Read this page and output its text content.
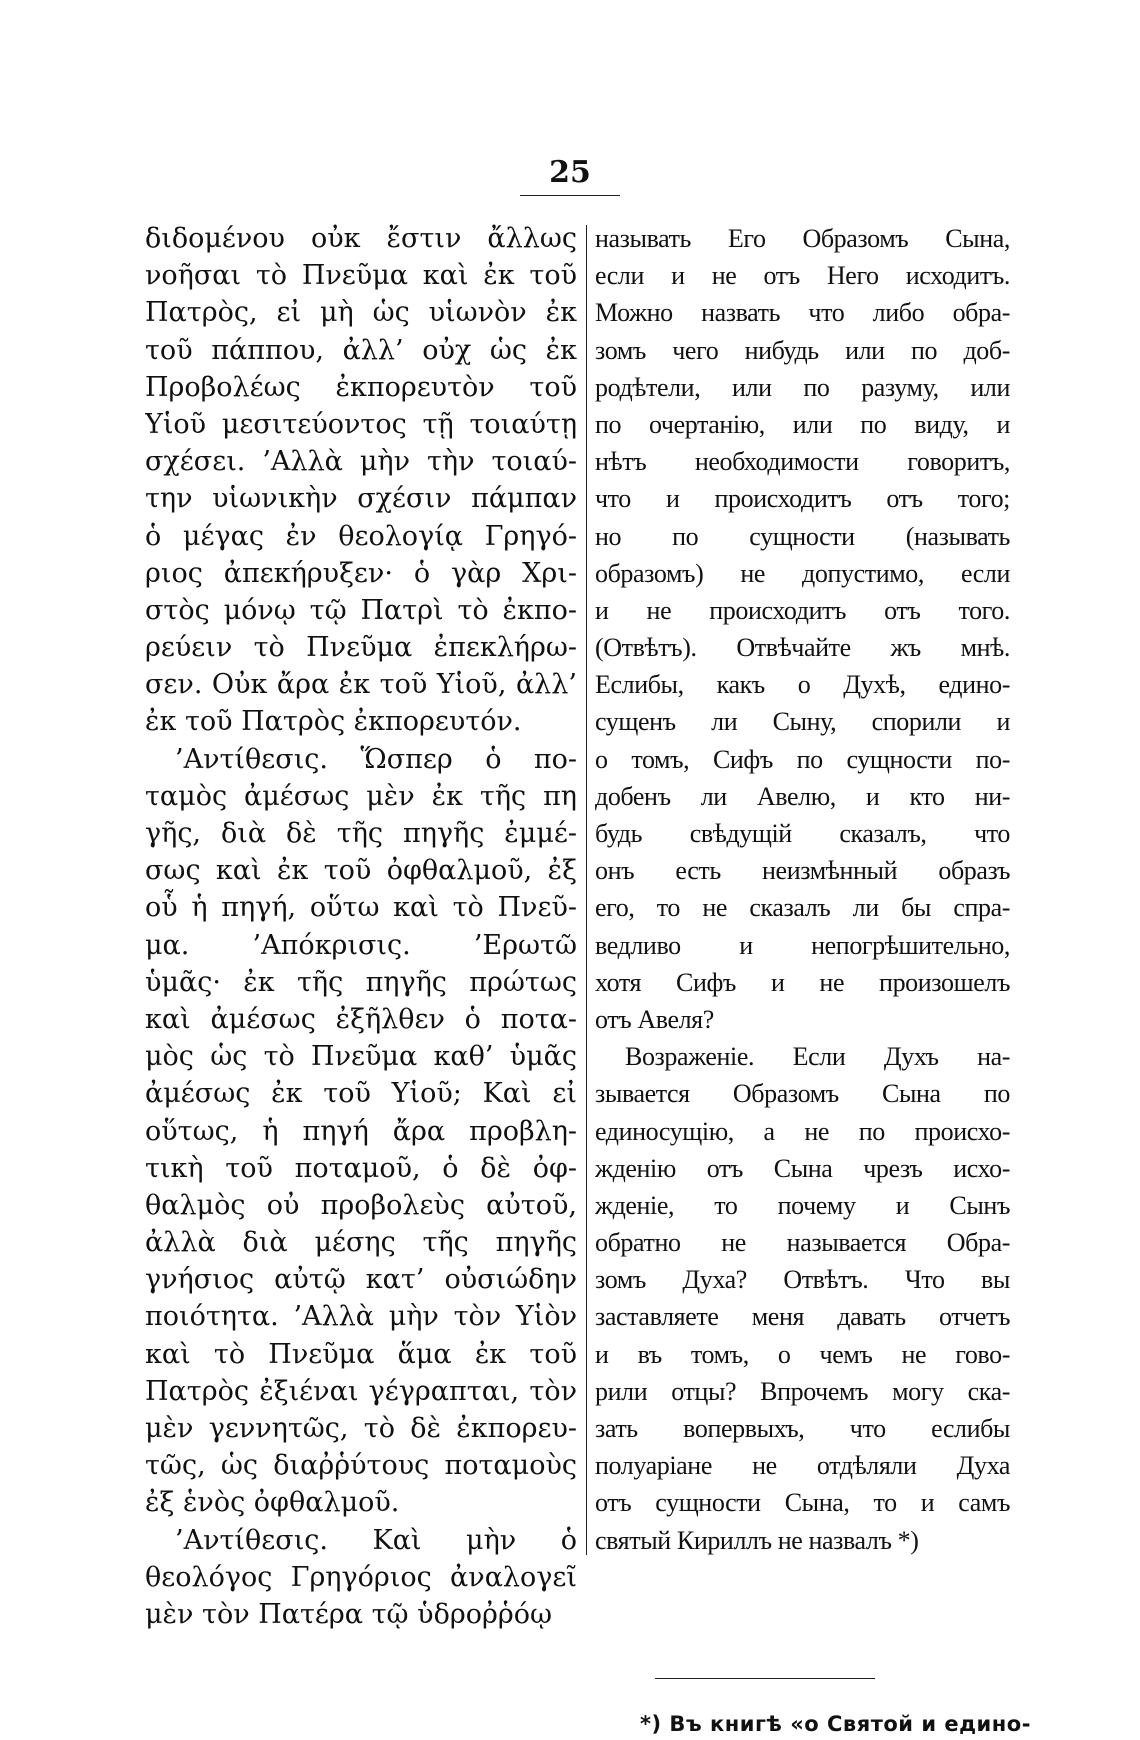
25
διδομένου οὐκ ἔστιν ἄλλως
νοῆσαι τὸ Πνεῦμα καὶ ἐκ τοῦ
Πατρὸς, εἰ μὴ ὡς υἱωνὸν ἐκ
τοῦ πάππου, ἀλλ’ οὐχ ὡς ἐκ
Προβολέως ἐκπορευτὸν τοῦ
Υἱοῦ μεσιτεύοντος τῇ τοιαύτῃ
σχέσει. ’Αλλὰ μὴν τὴν τοιαύ-
την υἱωνικὴν σχέσιν πάμπαν
ὁ μέγας ἐν θεολογίᾳ Γρηγό-
ριος ἀπεκήρυξεν· ὁ γὰρ Χρι-
στὸς μόνῳ τῷ Πατρὶ τὸ ἐκπο-
ρεύειν τὸ Πνεῦμα ἐπεκλήρω-
σεν. Οὐκ ἄρα ἐκ τοῦ Υἱοῦ, ἀλλ’
ἐκ τοῦ Πατρὸς ἐκπορευτόν.
’Αντίθεσις. Ὥσπερ ὁ πο-
ταμὸς ἀμέσως μὲν ἐκ τῆς πη
γῆς, διὰ δὲ τῆς πηγῆς ἐμμέ-
σως καὶ ἐκ τοῦ ὀφθαλμοῦ, ἐξ
οὗ ἡ πηγή, οὕτω καὶ τὸ Πνεῦ-
μα. ’Απόκρισις. ’Ερωτῶ
ὑμᾶς· ἐκ τῆς πηγῆς πρώτως
καὶ ἀμέσως ἐξῆλθεν ὁ ποτα-
μὸς ὡς τὸ Πνεῦμα καθ’ ὑμᾶς
ἀμέσως ἐκ τοῦ Υἱοῦ; Καὶ εἰ
οὕτως, ἡ πηγή ἄρα προβλη-
τικὴ τοῦ ποταμοῦ, ὁ δὲ ὀφ-
θαλμὸς οὐ προβολεὺς αὐτοῦ,
ἀλλὰ διὰ μέσης τῆς πηγῆς
γνήσιος αὐτῷ κατ’ οὐσιώδην
ποιότητα. ’Αλλὰ μὴν τὸν Υἱὸν
καὶ τὸ Πνεῦμα ἅμα ἐκ τοῦ
Πατρὸς ἐξιέναι γέγραπται, τὸν
μὲν γεννητῶς, τὸ δὲ ἐκπορευ-
τῶς, ὡς διαῤῥύτους ποταμοὺς
ἐξ ἑνὸς ὀφθαλμοῦ.
’Αντίθεσις. Καὶ μὴν ὁ
θεολόγος Γρηγόριος ἀναλογεῖ
μὲν τὸν Πατέρα τῷ ὑδροῤῥόῳ
называть Его Образомъ Сына,
если и не отъ Него исходитъ.
Можно назвать что либо обра-
зомъ чего нибудь или по доб-
родѣтели, или по разуму, или
по очертанію, или по виду, и
нѣтъ необходимости говоритъ,
что и происходитъ отъ того;
но по сущности (называть
образомъ) не допустимо, если
и не происходитъ отъ того.
(Отвѣтъ). Отвѣчайте жъ мнѣ.
Еслибы, какъ о Духѣ, едино-
сущенъ ли Сыну, спорили и
о томъ, Сифъ по сущности по-
добенъ ли Авелю, и кто ни-
будь свѣдущій сказалъ, что
онъ есть неизмѣнный образъ
его, то не сказалъ ли бы спра-
ведливо и непогрѣшительно,
хотя Сифъ и не произошелъ
отъ Авеля?
Возраженіе. Если Духъ на-
зывается Образомъ Сына по
единосущію, а не по происхо-
жденію отъ Сына чрезъ исхо-
жденіе, то почему и Сынъ
обратно не называется Обра-
зомъ Духа? Отвѣтъ. Что вы
заставляете меня давать отчетъ
и въ томъ, о чемъ не гово-
рили отцы? Впрочемъ могу ска-
зать вопервыхъ, что еслибы
полуаріане не отдѣляли Духа
отъ сущности Сына, то и самъ
святый Кириллъ не назвалъ *)
*) Въ книгѣ «о Святой и едино-
